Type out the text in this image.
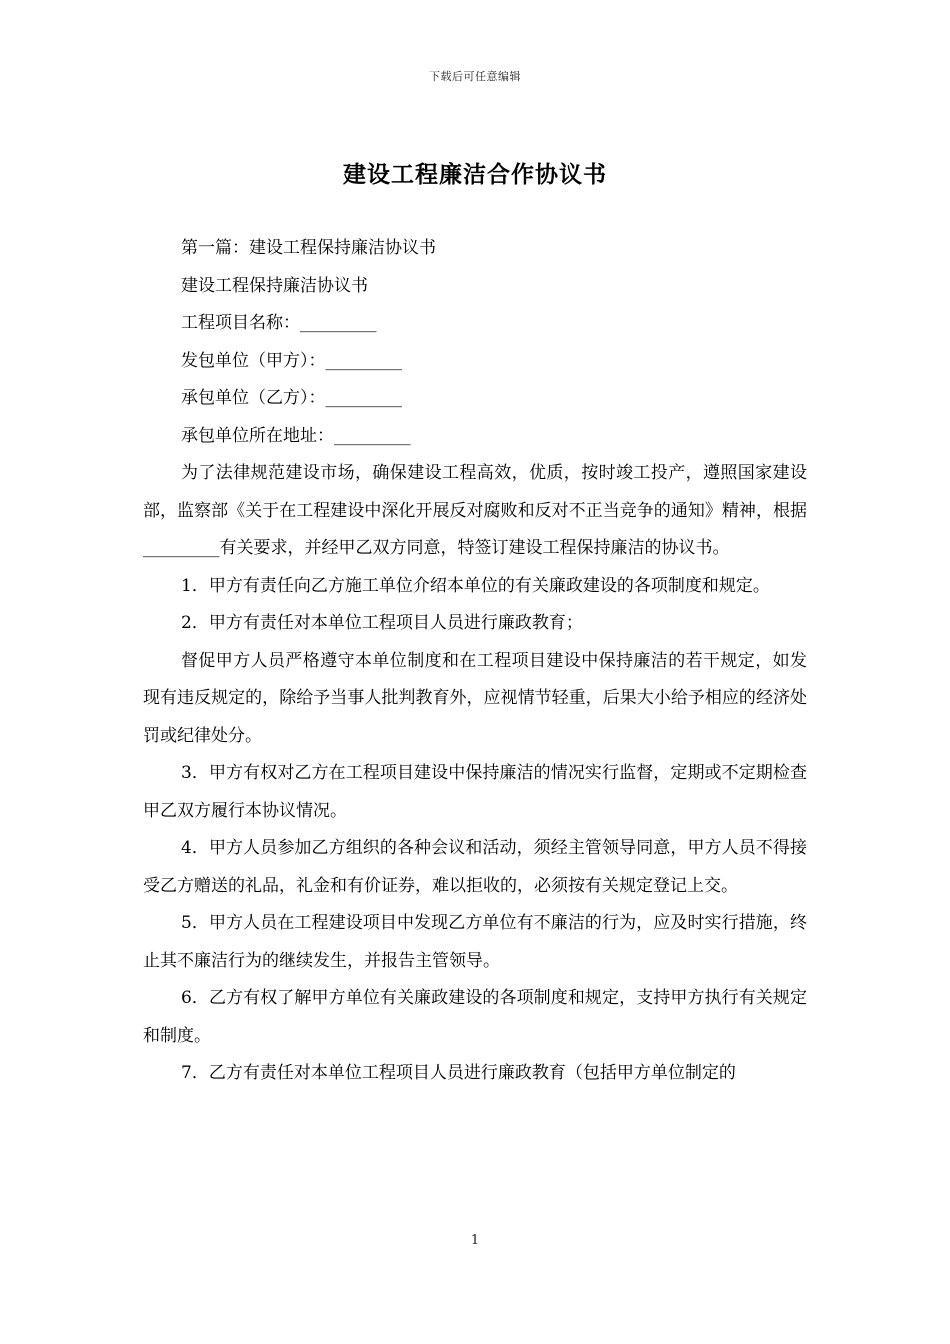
下载后可任意编辑
建设工程廉洁合作协议书

第一篇：建设工程保持廉洁协议书

建设工程保持廉洁协议书

工程项目名称：_________

发包单位（甲方）：_________

承包单位（乙方）：_________

承包单位所在地址：_________

为了法律规范建设市场，确保建设工程高效，优质，按时竣工投产，遵照国家建设部，监察部《关于在工程建设中深化开展反对腐败和反对不正当竞争的通知》精神，根据_________有关要求，并经甲乙双方同意，特签订建设工程保持廉洁的协议书。

1．甲方有责任向乙方施工单位介绍本单位的有关廉政建设的各项制度和规定。

2．甲方有责任对本单位工程项目人员进行廉政教育；

督促甲方人员严格遵守本单位制度和在工程项目建设中保持廉洁的若干规定，如发现有违反规定的，除给予当事人批判教育外，应视情节轻重，后果大小给予相应的经济处罚或纪律处分。

3．甲方有权对乙方在工程项目建设中保持廉洁的情况实行监督，定期或不定期检查甲乙双方履行本协议情况。

4．甲方人员参加乙方组织的各种会议和活动，须经主管领导同意，甲方人员不得接受乙方赠送的礼品，礼金和有价证券，难以拒收的，必须按有关规定登记上交。

5．甲方人员在工程建设项目中发现乙方单位有不廉洁的行为，应及时实行措施，终止其不廉洁行为的继续发生，并报告主管领导。

6．乙方有权了解甲方单位有关廉政建设的各项制度和规定，支持甲方执行有关规定和制度。

7．乙方有责任对本单位工程项目人员进行廉政教育（包括甲方单位制定的

1
